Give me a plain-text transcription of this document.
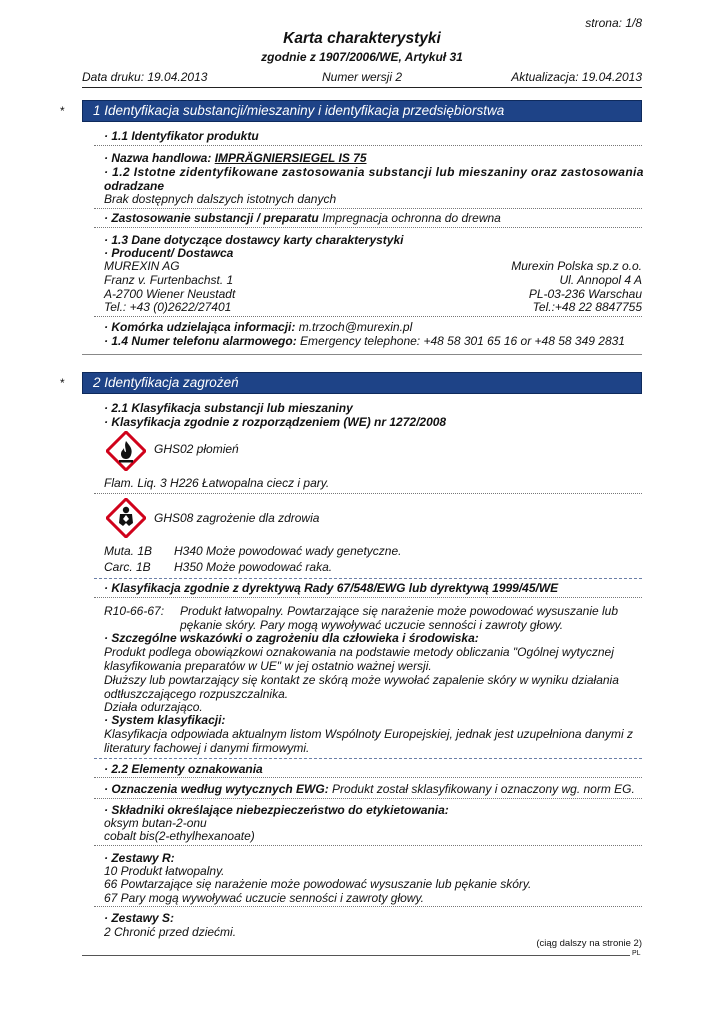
strona: 1/8
Karta charakterystyki
zgodnie z 1907/2006/WE, Artykuł 31
Data druku: 19.04.2013	Numer wersji 2	Aktualizacja: 19.04.2013
*	1 Identyfikacja substancji/mieszaniny i identyfikacja przedsiębiorstwa
· 1.1 Identyfikator produktu
· Nazwa handlowa: IMPRÄGNIERSIEGEL IS 75
· 1.2 Istotne zidentyfikowane zastosowania substancji lub mieszaniny oraz zastosowania
odradzane
Brak dostępnych dalszych istotnych danych
· Zastosowanie substancji / preparatu Impregnacja ochronna do drewna
· 1.3 Dane dotyczące dostawcy karty charakterystyki
· Producent/ Dostawca
MUREXIN AG	Murexin Polska sp.z o.o.
Franz v. Furtenbachst. 1	Ul. Annopol 4 A
A-2700 Wiener Neustadt	PL-03-236 Warschau
Tel.: +43 (0)2622/27401	Tel.:+48 22 8847755
· Komórka udzielająca informacji: m.trzoch@murexin.pl
· 1.4 Numer telefonu alarmowego: Emergency telephone: +48 58 301 65 16 or +48 58 349 2831
*	2 Identyfikacja zagrożeń
· 2.1 Klasyfikacja substancji lub mieszaniny
· Klasyfikacja zgodnie z rozporządzeniem (WE) nr 1272/2008
GHS02 płomień
Flam. Liq. 3 H226 Łatwopalna ciecz i pary.
GHS08 zagrożenie dla zdrowia
Muta. 1B H340 Może powodować wady genetyczne.
Carc. 1B H350 Może powodować raka.
· Klasyfikacja zgodnie z dyrektywą Rady 67/548/EWG lub dyrektywą 1999/45/WE
R10-66-67: Produkt łatwopalny. Powtarzające się narażenie może powodować wysuszanie lub
pękanie skóry. Pary mogą wywoływać uczucie senności i zawroty głowy.
· Szczególne wskazówki o zagrożeniu dla człowieka i środowiska:
Produkt podlega obowiązkowi oznakowania na podstawie metody obliczania "Ogólnej wytycznej
klasyfikowania preparatów w UE" w jej ostatnio ważnej wersji.
Dłuższy lub powtarzający się kontakt ze skórą może wywołać zapalenie skóry w wyniku działania
odtłuszczającego rozpuszczalnika.
Działa odurzająco.
· System klasyfikacji:
Klasyfikacja odpowiada aktualnym listom Wspólnoty Europejskiej, jednak jest uzupełniona danymi z
literatury fachowej i danymi firmowymi.
· 2.2 Elementy oznakowania
· Oznaczenia według wytycznych EWG: Produkt został sklasyfikowany i oznaczony wg. norm EG.
· Składniki określające niebezpieczeństwo do etykietowania:
oksym butan-2-onu
cobalt bis(2-ethylhexanoate)
· Zestawy R:
10 Produkt łatwopalny.
66 Powtarzające się narażenie może powodować wysuszanie lub pękanie skóry.
67 Pary mogą wywoływać uczucie senności i zawroty głowy.
· Zestawy S:
2 Chronić przed dziećmi.
(ciąg dalszy na stronie 2)
PL
